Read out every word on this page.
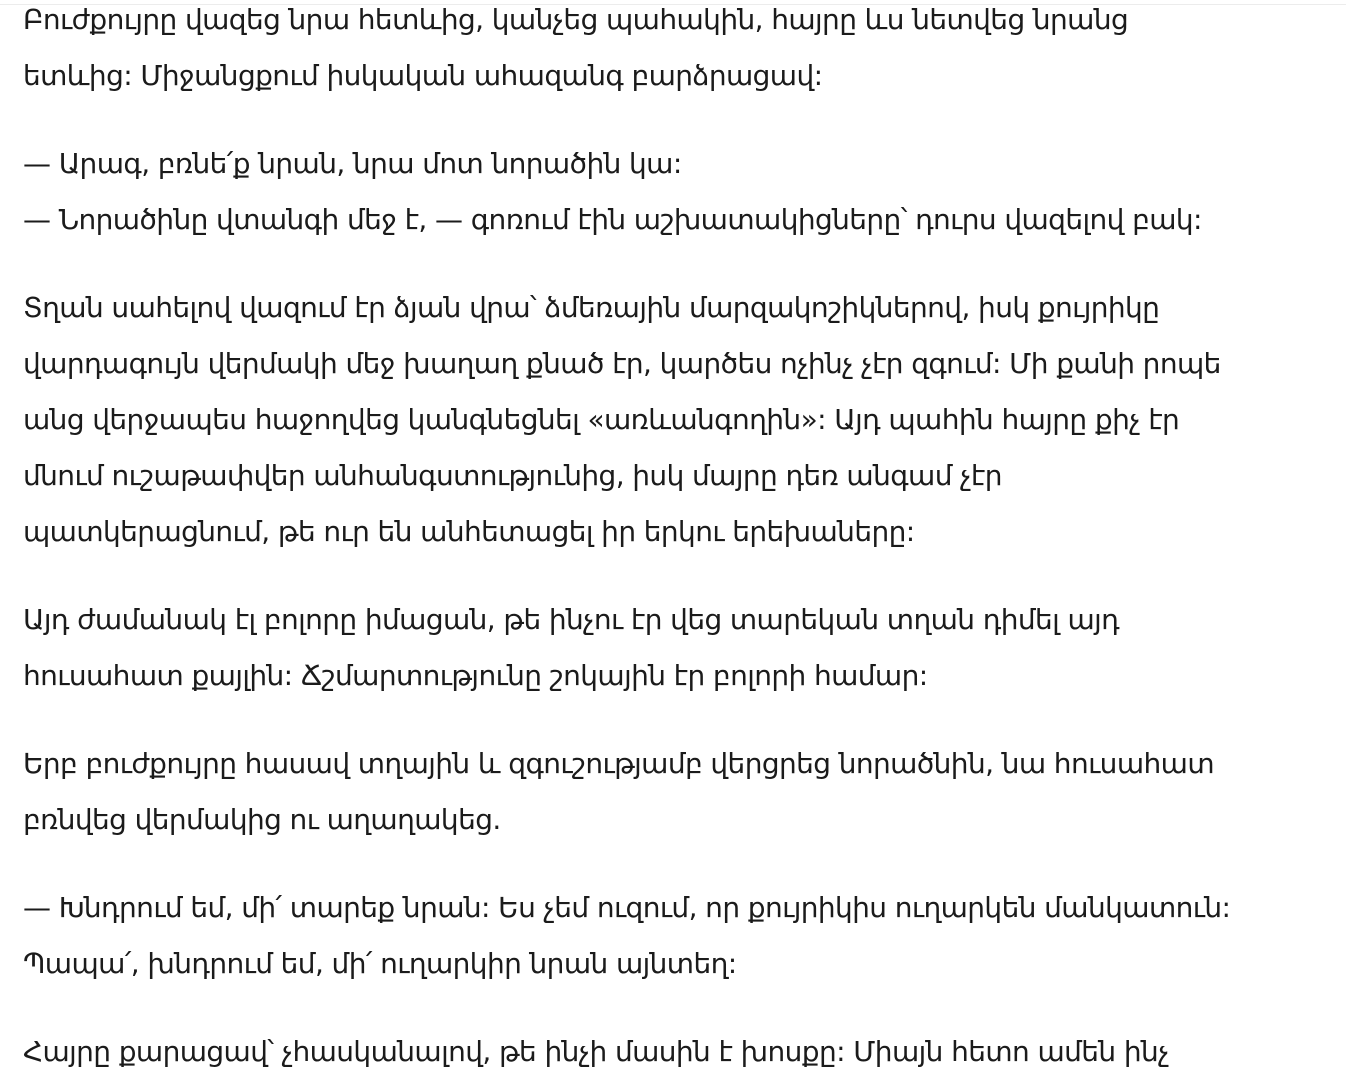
Բուժքույրը վազեց նրա հետևից, կանչեց պահակին, հայրը ևս նետվեց նրանց
ետևից: Միջանցքում իսկական ահազանգ բարձրացավ:
— Արագ, բռնե՛ք նրան, նրա մոտ նորածին կա:
— Նորածինը վտանգի մեջ է, — գոռում էին աշխատակիցները՝ դուրս վազելով բակ:
Տղան սահելով վազում էր ձյան վրա՝ ձմեռային մարզակոշիկներով, իսկ քույրիկը
վարդագույն վերմակի մեջ խաղաղ քնած էր, կարծես ոչինչ չէր զգում: Մի քանի րոպե
անց վերջապես հաջողվեց կանգնեցնել «առևանգողին»: Այդ պահին հայրը քիչ էր
մնում ուշաթափվեր անհանգստությունից, իսկ մայրը դեռ անգամ չէր
պատկերացնում, թե ուր են անհետացել իր երկու երեխաները:
Այդ ժամանակ էլ բոլորը իմացան, թե ինչու էր վեց տարեկան տղան դիմել այդ
հուսահատ քայլին: Ճշմարտությունը շոկային էր բոլորի համար:
Երբ բուժքույրը հասավ տղային և զգուշությամբ վերցրեց նորածնին, նա հուսահատ
բռնվեց վերմակից ու աղաղակեց.
— Խնդրում եմ, մի՛ տարեք նրան: Ես չեմ ուզում, որ քույրիկիս ուղարկեն մանկատուն:
Պապա՛, խնդրում եմ, մի՛ ուղարկիր նրան այնտեղ:
Հայրը քարացավ՝ չհասկանալով, թե ինչի մասին է խոսքը: Միայն հետո ամեն ինչ
